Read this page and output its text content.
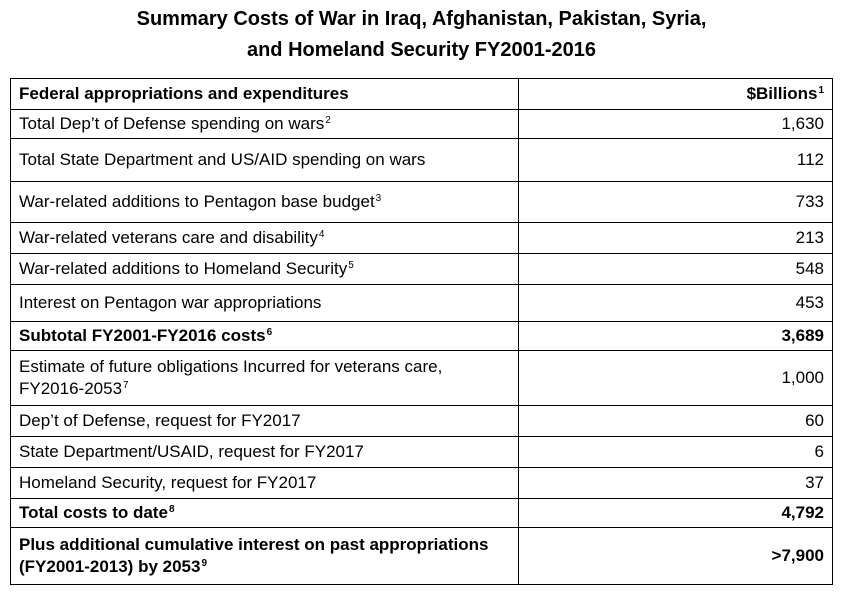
Summary Costs of War in Iraq, Afghanistan, Pakistan, Syria,
and Homeland Security FY2001-2016
Federal appropriations and expenditures	$Billions$^1$
Total Dep’t of Defense spending on wars$^2$	1,630
Total State Department and US/AID spending on wars	112
War-related additions to Pentagon base budget$^3$	733
War-related veterans care and disability$^4$	213
War-related additions to Homeland Security$^5$	548
Interest on Pentagon war appropriations	453
Subtotal FY2001-FY2016 costs$^6$	3,689
Estimate of future obligations Incurred for veterans care, FY2016-2053$^7$	1,000
Dep’t of Defense, request for FY2017	60
State Department/USAID, request for FY2017	6
Homeland Security, request for FY2017	37
Total costs to date$^8$	4,792
Plus additional cumulative interest on past appropriations (FY2001-2013) by $2053^9$	>7,900
